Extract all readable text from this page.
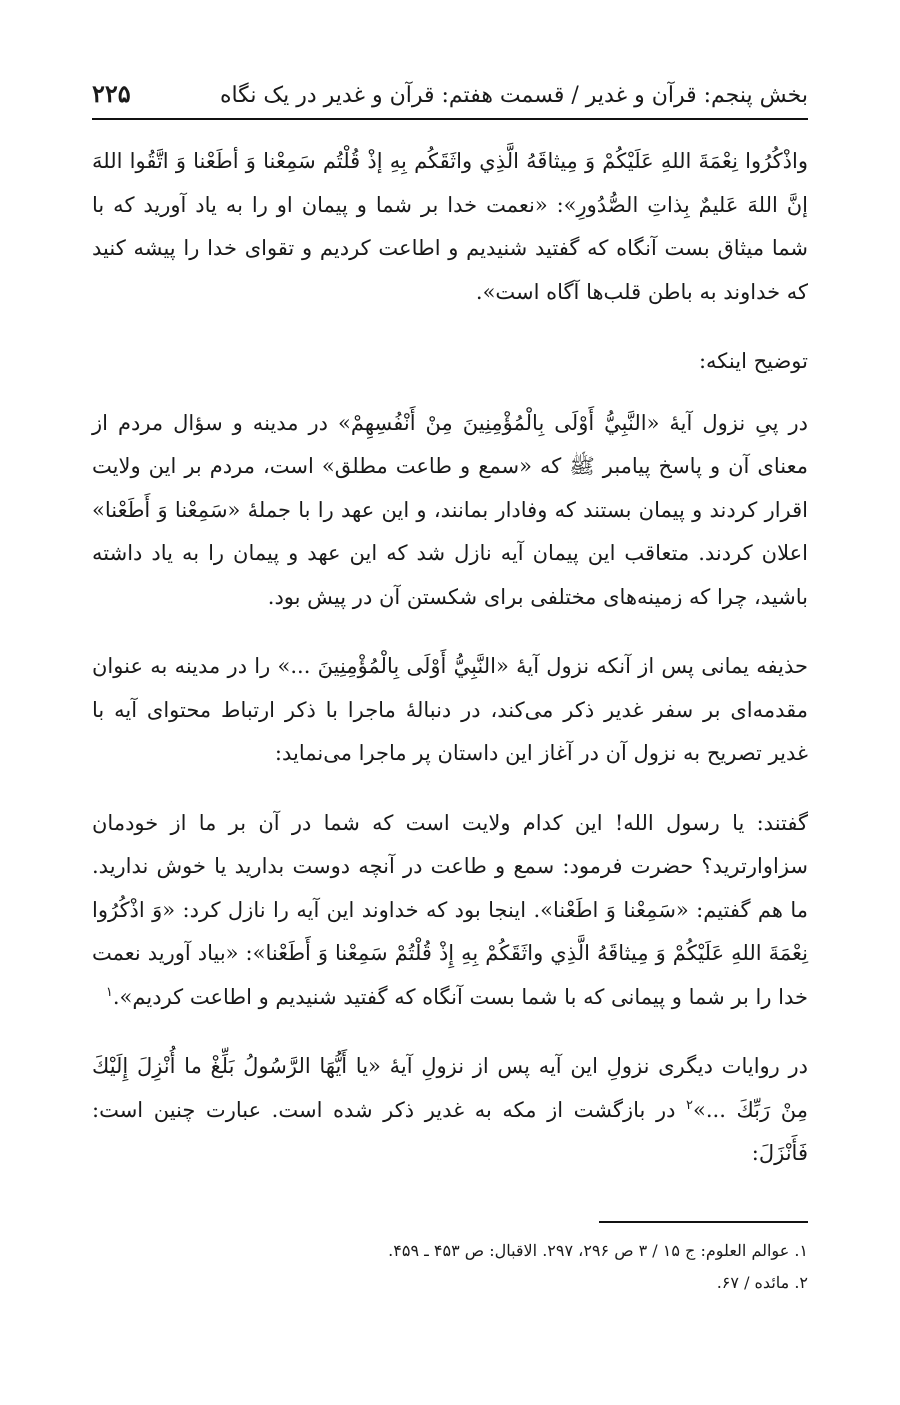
بخش پنجم: قرآن و غدیر / قسمت هفتم: قرآن و غدیر در یک نگاه
۲۲۵

واذْكُرُوا نِعْمَةَ اللهِ عَلَيْكُمْ وَ مِيثاقَهُ الَّذِي واثَقَكُم بِهِ إذْ قُلْتُم سَمِعْنا وَ أطَعْنا وَ اتَّقُوا اللهَ إنَّ اللهَ عَليمٌ بِذاتِ الصُّدُورِ»: «نعمت خدا بر شما و پیمان او را به یاد آورید که با شما میثاق بست آنگاه که گفتید شنیدیم و اطاعت کردیم و تقوای خدا را پیشه کنید که خداوند به باطن قلب‌ها آگاه است».

توضیح اینکه:

در پیِ نزول آیهٔ «النَّبِيُّ أَوْلَى بِالْمُؤْمِنِينَ مِنْ أَنْفُسِهِمْ» در مدینه و سؤال مردم از معنای آن و پاسخ پیامبر ﷺ که «سمع و طاعت مطلق» است، مردم بر این ولایت اقرار کردند و پیمان بستند که وفادار بمانند، و این عهد را با جملهٔ «سَمِعْنا وَ أَطَعْنا» اعلان کردند. متعاقب این پیمان آیه نازل شد که این عهد و پیمان را به یاد داشته باشید، چرا که زمینه‌های مختلفی برای شکستن آن در پیش بود.

حذیفه یمانی پس از آنکه نزول آیهٔ «النَّبِيُّ أَوْلَى بِالْمُؤْمِنِينَ ...» را در مدینه به عنوان مقدمه‌ای بر سفر غدیر ذکر می‌کند، در دنبالهٔ ماجرا با ذکر ارتباط محتوای آیه با غدیر تصریح به نزول آن در آغاز این داستان پر ماجرا می‌نماید:

گفتند: یا رسول الله! این کدام ولایت است که شما در آن بر ما از خودمان سزاوارترید؟ حضرت فرمود: سمع و طاعت در آنچه دوست بدارید یا خوش ندارید. ما هم گفتیم: «سَمِعْنا وَ اطَعْنا». اینجا بود که خداوند این آیه را نازل کرد: «وَ اذْكُرُوا نِعْمَةَ اللهِ عَلَيْكُمْ وَ مِيثاقَهُ الَّذِي واثَقَكُمْ بِهِ إِذْ قُلْتُمْ سَمِعْنا وَ أَطَعْنا»: «بیاد آورید نعمت خدا را بر شما و پیمانی که با شما بست آنگاه که گفتید شنیدیم و اطاعت کردیم».$^۱$

در روایات دیگری نزولِ این آیه پس از نزولِ آیهٔ «يا أَيُّهَا الرَّسُولُ بَلِّغْ ما أُنْزِلَ إِلَيْكَ مِنْ رَبِّكَ ...»$^۲$ در بازگشت از مکه به غدیر ذکر شده است. عبارت چنین است: فَأَنْزَلَ:

۱. عوالم العلوم: ج ۱۵ / ۳ ص ۲۹۶، ۲۹۷. الاقبال: ص ۴۵۳ ـ ۴۵۹.

۲. مائده / ۶۷.
